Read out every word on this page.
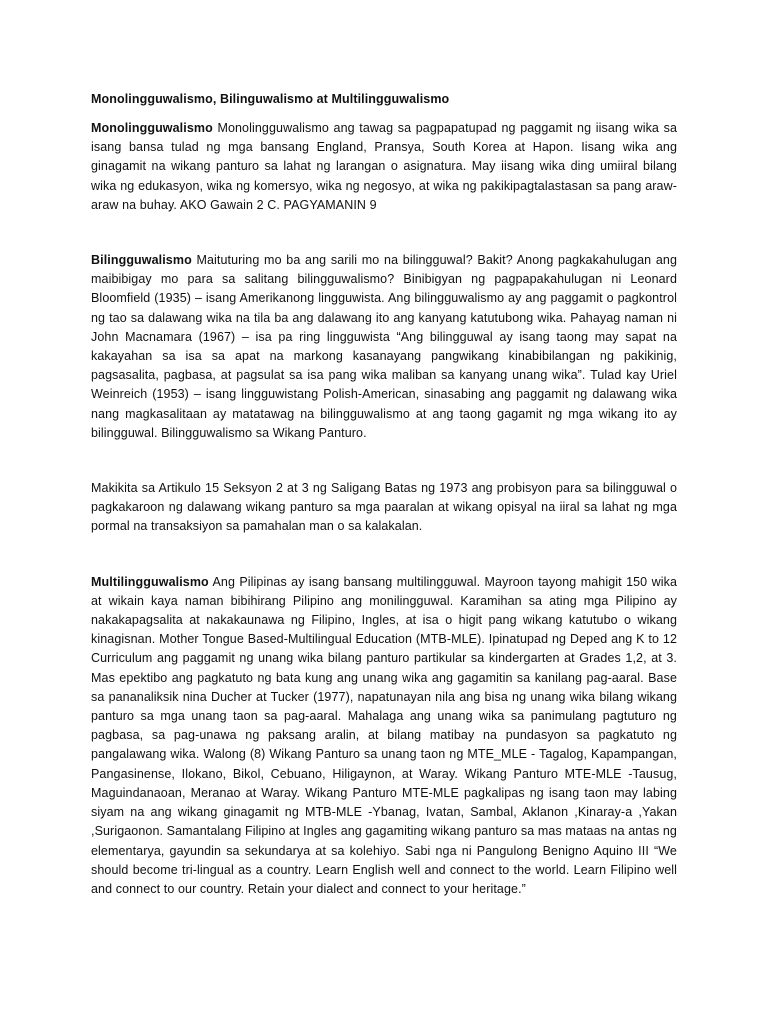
Monolingguwalismo, Bilinguwalismo at Multilingguwalismo

Monolingguwalismo Monolingguwalismo ang tawag sa pagpapatupad ng paggamit ng iisang wika sa isang bansa tulad ng mga bansang England, Pransya, South Korea at Hapon. Iisang wika ang ginagamit na wikang panturo sa lahat ng larangan o asignatura. May iisang wika ding umiiral bilang wika ng edukasyon, wika ng komersyo, wika ng negosyo, at wika ng pakikipagtalastasan sa pang araw-araw na buhay. AKO Gawain 2 C. PAGYAMANIN 9

Bilingguwalismo Maituturing mo ba ang sarili mo na bilingguwal? Bakit? Anong pagkakahulugan ang maibibigay mo para sa salitang bilingguwalismo? Binibigyan ng pagpapakahulugan ni Leonard Bloomfield (1935) – isang Amerikanong lingguwista. Ang bilingguwalismo ay ang paggamit o pagkontrol ng tao sa dalawang wika na tila ba ang dalawang ito ang kanyang katutubong wika. Pahayag naman ni John Macnamara (1967) – isa pa ring lingguwista “Ang bilingguwal ay isang taong may sapat na kakayahan sa isa sa apat na markong kasanayang pangwikang kinabibilangan ng pakikinig, pagsasalita, pagbasa, at pagsulat sa isa pang wika maliban sa kanyang unang wika”. Tulad kay Uriel Weinreich (1953) – isang lingguwistang Polish-American, sinasabing ang paggamit ng dalawang wika nang magkasalitaan ay matatawag na bilingguwalismo at ang taong gagamit ng mga wikang ito ay bilingguwal. Bilingguwalismo sa Wikang Panturo.

Makikita sa Artikulo 15 Seksyon 2 at 3 ng Saligang Batas ng 1973 ang probisyon para sa bilingguwal o pagkakaroon ng dalawang wikang panturo sa mga paaralan at wikang opisyal na iiral sa lahat ng mga pormal na transaksiyon sa pamahalan man o sa kalakalan.

Multilingguwalismo Ang Pilipinas ay isang bansang multilingguwal. Mayroon tayong mahigit 150 wika at wikain kaya naman bibihirang Pilipino ang monilingguwal. Karamihan sa ating mga Pilipino ay nakakapagsalita at nakakaunawa ng Filipino, Ingles, at isa o higit pang wikang katutubo o wikang kinagisnan. Mother Tongue Based-Multilingual Education (MTB-MLE). Ipinatupad ng Deped ang K to 12 Curriculum ang paggamit ng unang wika bilang panturo partikular sa kindergarten at Grades 1,2, at 3. Mas epektibo ang pagkatuto ng bata kung ang unang wika ang gagamitin sa kanilang pag-aaral. Base sa pananaliksik nina Ducher at Tucker (1977), napatunayan nila ang bisa ng unang wika bilang wikang panturo sa mga unang taon sa pag-aaral. Mahalaga ang unang wika sa panimulang pagtuturo ng pagbasa, sa pag-unawa ng paksang aralin, at bilang matibay na pundasyon sa pagkatuto ng pangalawang wika. Walong (8) Wikang Panturo sa unang taon ng MTE_MLE - Tagalog, Kapampangan, Pangasinense, Ilokano, Bikol, Cebuano, Hiligaynon, at Waray. Wikang Panturo MTE-MLE -Tausug, Maguindanaoan, Meranao at Waray. Wikang Panturo MTE-MLE pagkalipas ng isang taon may labing siyam na ang wikang ginagamit ng MTB-MLE -Ybanag, Ivatan, Sambal, Aklanon ,Kinaray-a ,Yakan ,Surigaonon. Samantalang Filipino at Ingles ang gagamiting wikang panturo sa mas mataas na antas ng elementarya, gayundin sa sekundarya at sa kolehiyo. Sabi nga ni Pangulong Benigno Aquino III “We should become tri-lingual as a country. Learn English well and connect to the world. Learn Filipino well and connect to our country. Retain your dialect and connect to your heritage.”
